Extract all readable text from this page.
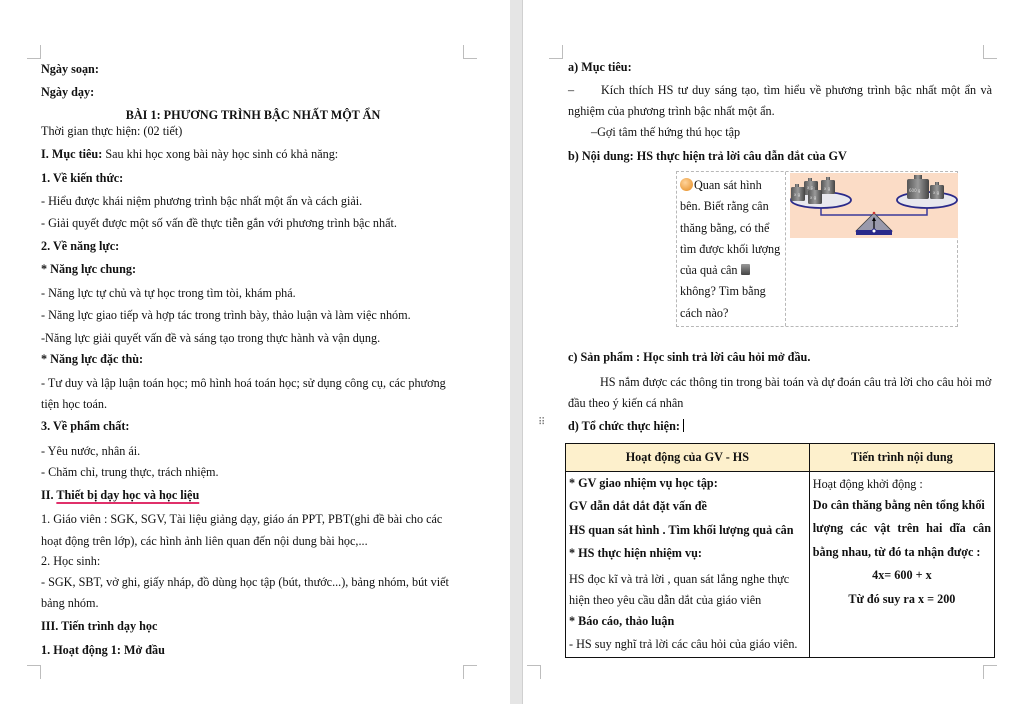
Ngày soạn:
Ngày dạy:
BÀI 1: PHƯƠNG TRÌNH BẬC NHẤT MỘT ẨN
Thời gian thực hiện: (02 tiết)
I. Mục tiêu: Sau khi học xong bài này học sinh có khả năng:
1. Về kiến thức:
- Hiểu được khái niệm phương trình bậc nhất một ẩn và cách giải.
- Giải quyết được một số vấn đề thực tiễn gắn với phương trình bậc nhất.
2. Về năng lực:
* Năng lực chung:
- Năng lực tự chủ và tự học trong tìm tòi, khám phá.
- Năng lực giao tiếp và hợp tác trong trình bày, thảo luận và làm việc nhóm.
-Năng lực giải quyết vấn đề và sáng tạo trong thực hành và vận dụng.
* Năng lực đặc thù:
- Tư duy và lập luận toán học; mô hình hoá toán học; sử dụng công cụ, các phương
tiện học toán.
3. Về phẩm chất:
- Yêu nước, nhân ái.
- Chăm chỉ, trung thực, trách nhiệm.
II. Thiết bị dạy học và học liệu
1. Giáo viên : SGK, SGV, Tài liệu giảng dạy, giáo án PPT, PBT(ghi đề bài cho các
hoạt động trên lớp), các hình ảnh liên quan đến nội dung bài học,...
2. Học sinh:
- SGK, SBT, vở ghi, giấy nháp, đồ dùng học tập (bút, thước...), bảng nhóm, bút viết
bảng nhóm.
III. Tiến trình dạy học
1. Hoạt động 1: Mở đầu
a) Mục tiêu:
– Kích thích HS tư duy sáng tạo, tìm hiểu về phương trình bậc nhất một ẩn và
nghiệm của phương trình bậc nhất một ẩn.
–Gợi tâm thế hứng thú học tập
b) Nội dung: HS thực hiện trả lời câu dẫn dắt của GV
Quan sát hình
bên. Biết rằng cân
thăng bằng, có thể
tìm được khối lượng
của quả cân
không? Tìm bằng
cách nào?
x g
x g
x g
x g
600 g	x g
c) Sản phẩm : Học sinh trả lời câu hỏi mở đầu.
HS nắm được các thông tin trong bài toán và dự đoán câu trả lời cho câu hỏi mở
đầu theo ý kiến cá nhân
⠿ d) Tổ chức thực hiện:
Hoạt động của GV - HS	Tiến trình nội dung

* GV giao nhiệm vụ học tập:
GV dẫn dắt dắt đặt vấn đề
HS quan sát hình . Tìm khối lượng quả cân
* HS thực hiện nhiệm vụ:
HS đọc kĩ và trả lời , quan sát lắng nghe thực
hiện theo yêu cầu dẫn dắt của giáo viên
* Báo cáo, thảo luận
- HS suy nghĩ trả lời các câu hỏi của giáo viên.

Hoạt động khởi động :
Do cân thăng bằng nên tổng khối
lượng các vật trên hai dĩa cân
bằng nhau, từ đó ta nhận được :
4x= 600 + x
Từ đó suy ra x = 200
